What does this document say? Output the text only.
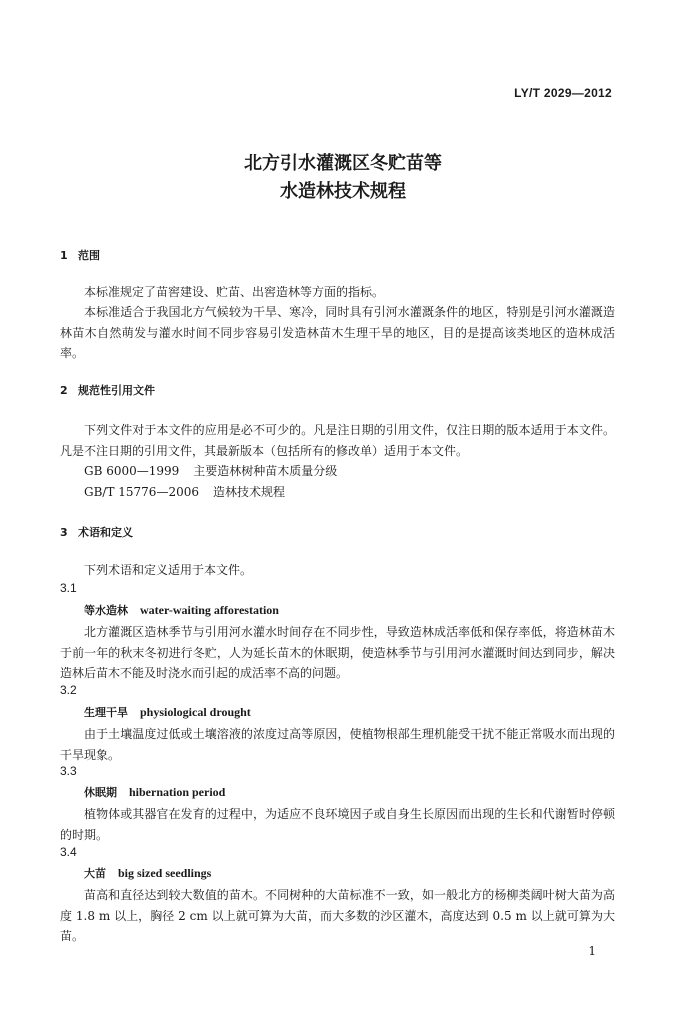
LY/T 2029—2012
北方引水灌溉区冬贮苗等
水造林技术规程
1 范围
本标准规定了苗窖建设、贮苗、出窖造林等方面的指标。
本标准适合于我国北方气候较为干旱、寒冷，同时具有引河水灌溉条件的地区，特别是引河水灌溉造林苗木自然萌发与灌水时间不同步容易引发造林苗木生理干旱的地区，目的是提高该类地区的造林成活率。
2 规范性引用文件
下列文件对于本文件的应用是必不可少的。凡是注日期的引用文件，仅注日期的版本适用于本文件。凡是不注日期的引用文件，其最新版本（包括所有的修改单）适用于本文件。
GB 6000—1999 主要造林树种苗木质量分级
GB/T 15776—2006 造林技术规程
3 术语和定义
下列术语和定义适用于本文件。
3.1
等水造林 water-waiting afforestation
北方灌溉区造林季节与引用河水灌水时间存在不同步性，导致造林成活率低和保存率低，将造林苗木于前一年的秋末冬初进行冬贮，人为延长苗木的休眠期，使造林季节与引用河水灌溉时间达到同步，解决造林后苗木不能及时浇水而引起的成活率不高的问题。
3.2
生理干旱 physiological drought
由于土壤温度过低或土壤溶液的浓度过高等原因，使植物根部生理机能受干扰不能正常吸水而出现的干旱现象。
3.3
休眠期 hibernation period
植物体或其器官在发育的过程中，为适应不良环境因子或自身生长原因而出现的生长和代谢暂时停顿的时期。
3.4
大苗 big sized seedlings
苗高和直径达到较大数值的苗木。不同树种的大苗标准不一致，如一般北方的杨柳类阔叶树大苗为高度 1.8 m 以上，胸径 2 cm 以上就可算为大苗，而大多数的沙区灌木，高度达到 0.5 m 以上就可算为大苗。
1
